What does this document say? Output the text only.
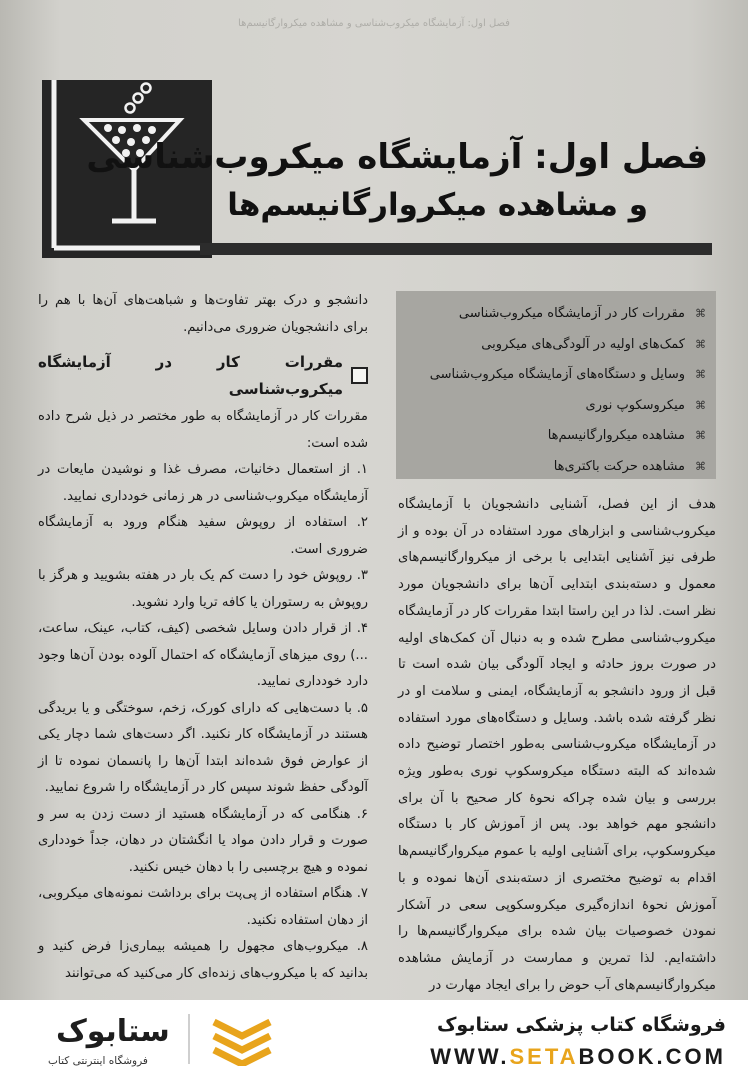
فصل اول: آزمایشگاه میکروب‌شناسی و مشاهده میکروارگانیسم‌ها
فصل اول: آزمایشگاه میکروب‌شناسی
و مشاهده میکروارگانیسم‌ها
⌘
مقررات کار در آزمایشگاه میکروب‌شناسی
⌘
کمک‌های اولیه در آلودگی‌های میکروبی
⌘
وسایل و دستگاه‌های آزمایشگاه میکروب‌شناسی
⌘
میکروسکوپ نوری
⌘
مشاهده میکروارگانیسم‌ها
⌘
مشاهده حرکت باکتری‌ها

هدف از این فصل، آشنایی دانشجویان با آزمایشگاه میکروب‌شناسی و ابزارهای مورد استفاده در آن بوده و از طرفی نیز آشنایی ابتدایی با برخی از میکروارگانیسم‌های معمول و دسته‌بندی ابتدایی آن‌ها برای دانشجویان مورد نظر است. لذا در این راستا ابتدا مقررات کار در آزمایشگاه میکروب‌شناسی مطرح شده و به دنبال آن کمک‌های اولیه در صورت بروز حادثه و ایجاد آلودگی بیان شده است تا قبل از ورود دانشجو به آزمایشگاه، ایمنی و سلامت او در نظر گرفته شده باشد. وسایل و دستگاه‌های مورد استفاده در آزمایشگاه میکروب‌شناسی به‌طور اختصار توضیح داده شده‌اند که البته دستگاه میکروسکوپ نوری به‌طور ویژه بررسی و بیان شده چراکه نحوهٔ کار صحیح با آن برای دانشجو مهم خواهد بود. پس از آموزش کار با دستگاه میکروسکوپ، برای آشنایی اولیه با عموم میکروارگانیسم‌ها اقدام به توضیح مختصری از دسته‌بندی آن‌ها نموده و با آموزش نحوهٔ اندازه‌گیری میکروسکوپی سعی در آشکار نمودن خصوصیات بیان شده برای میکروارگانیسم‌ها را داشته‌ایم. لذا تمرین و ممارست در آزمایش مشاهده میکروارگانیسم‌های آب حوض را برای ایجاد مهارت در

دانشجو و درک بهتر تفاوت‌ها و شباهت‌های آن‌ها با هم را برای دانشجویان ضروری می‌دانیم.

مقررات کار در آزمایشگاه میکروب‌شناسی

مقررات کار در آزمایشگاه به طور مختصر در ذیل شرح داده شده است:

۱. از استعمال دخانیات، مصرف غذا و نوشیدن مایعات در آزمایشگاه میکروب‌شناسی در هر زمانی خودداری نمایید.

۲. استفاده از روپوش سفید هنگام ورود به آزمایشگاه ضروری است.

۳. روپوش خود را دست کم یک بار در هفته بشویید و هرگز با روپوش به رستوران یا کافه تریا وارد نشوید.

۴. از قرار دادن وسایل شخصی (کیف، کتاب، عینک، ساعت، ...) روی میزهای آزمایشگاه که احتمال آلوده بودن آن‌ها وجود دارد خودداری نمایید.

۵. با دست‌هایی که دارای کورک، زخم، سوختگی و یا بریدگی هستند در آزمایشگاه کار نکنید. اگر دست‌های شما دچار یکی از عوارض فوق شده‌اند ابتدا آن‌ها را پانسمان نموده تا از آلودگی حفظ شوند سپس کار در آزمایشگاه را شروع نمایید.

۶. هنگامی که در آزمایشگاه هستید از دست زدن به سر و صورت و قرار دادن مواد یا انگشتان در دهان، جداً خودداری نموده و هیچ برچسبی را با دهان خیس نکنید.

۷. هنگام استفاده از پی‌پت برای برداشت نمونه‌های میکروبی، از دهان استفاده نکنید.

۸. میکروب‌های مجهول را همیشه بیماری‌زا فرض کنید و بدانید که با میکروب‌های زنده‌ای کار می‌کنید که می‌توانند

ستابوک
فروشگاه اینترنتی کتاب
فروشگاه کتاب پزشکی ستابوک
WWW.SETABOOK.COM
